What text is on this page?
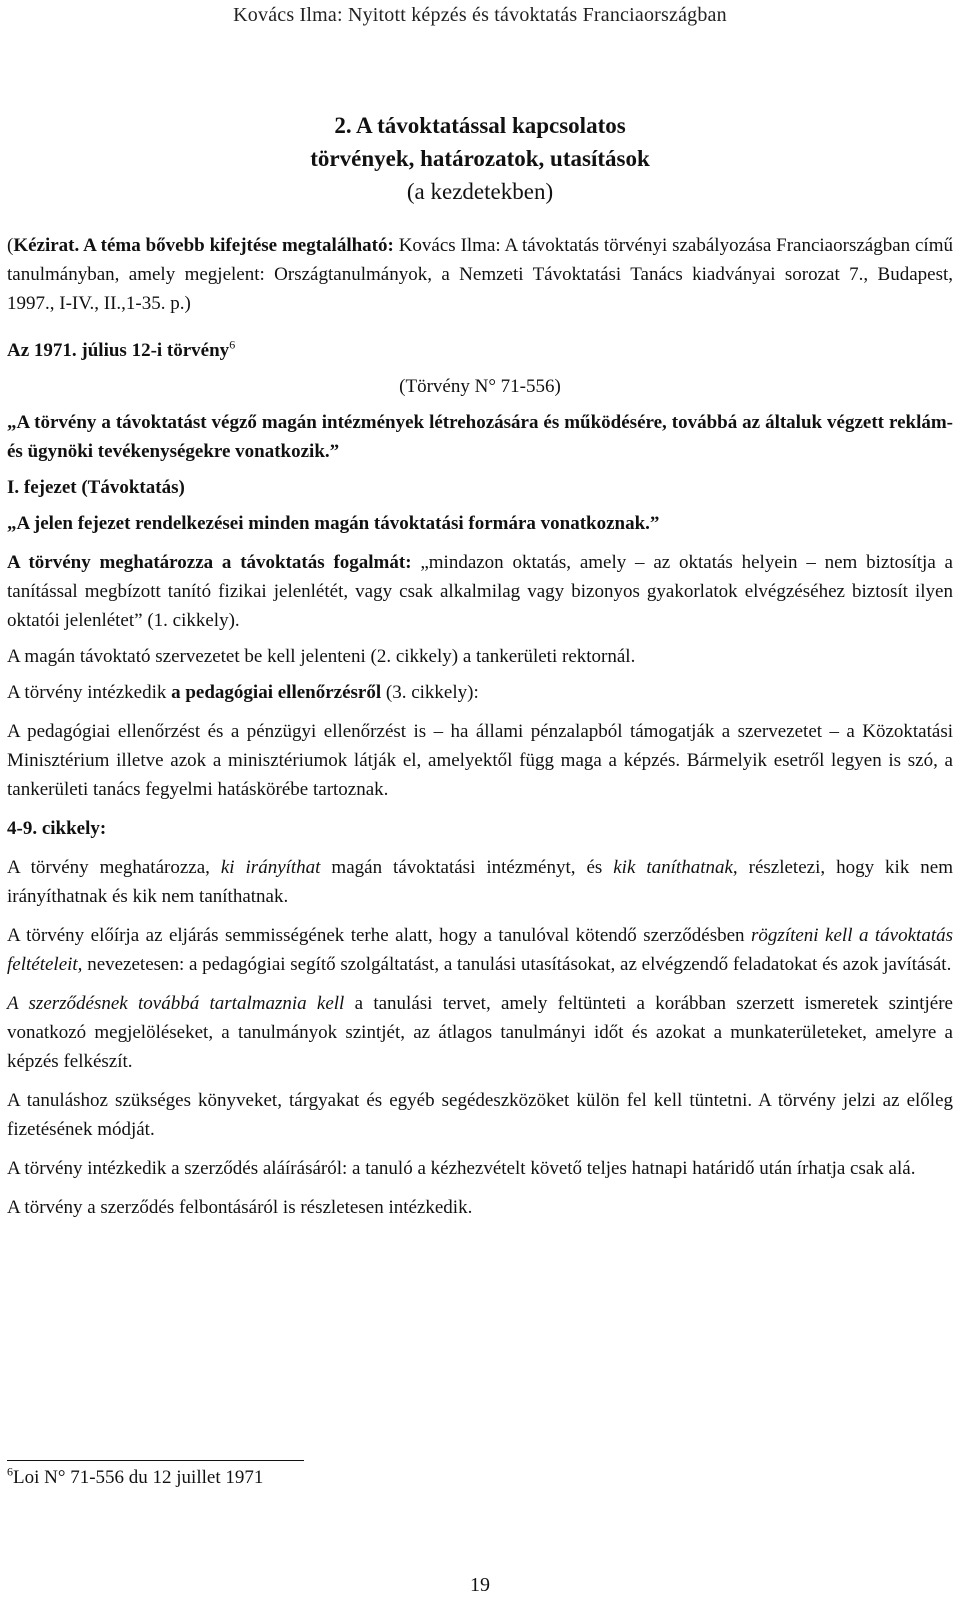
Kovács Ilma: Nyitott képzés és távoktatás Franciaországban
2. A távoktatással kapcsolatos
törvények, határozatok, utasítások
(a kezdetekben)

(Kézirat. A téma bővebb kifejtése megtalálható: Kovács Ilma: A távoktatás törvényi szabályozása Franciaországban című tanulmányban, amely megjelent: Országtanulmányok, a Nemzeti Távoktatási Tanács kiadványai sorozat 7., Budapest, 1997., I-IV., II.,1-35. p.)

Az 1971. július 12-i törvény$^6$

(Törvény N° 71-556)

„A törvény a távoktatást végző magán intézmények létrehozására és működésére, továbbá az általuk végzett reklám- és ügynöki tevékenységekre vonatkozik.”

I. fejezet (Távoktatás)

„A jelen fejezet rendelkezései minden magán távoktatási formára vonatkoznak.”

A törvény meghatározza a távoktatás fogalmát: „mindazon oktatás, amely – az oktatás helyein – nem biztosítja a tanítással megbízott tanító fizikai jelenlétét, vagy csak alkalmilag vagy bizonyos gyakorlatok elvégzéséhez biztosít ilyen oktatói jelenlétet” (1. cikkely).

A magán távoktató szervezetet be kell jelenteni (2. cikkely) a tankerületi rektornál.

A törvény intézkedik a pedagógiai ellenőrzésről (3. cikkely):

A pedagógiai ellenőrzést és a pénzügyi ellenőrzést is – ha állami pénzalapból támogatják a szervezetet – a Közoktatási Minisztérium illetve azok a minisztériumok látják el, amelyektől függ maga a képzés. Bármelyik esetről legyen is szó, a tankerületi tanács fegyelmi hatáskörébe tartoznak.

4-9. cikkely:

A törvény meghatározza, ki irányíthat magán távoktatási intézményt, és kik taníthatnak, részletezi, hogy kik nem irányíthatnak és kik nem taníthatnak.

A törvény előírja az eljárás semmisségének terhe alatt, hogy a tanulóval kötendő szerződésben rögzíteni kell a távoktatás feltételeit, nevezetesen: a pedagógiai segítő szolgáltatást, a tanulási utasításokat, az elvégzendő feladatokat és azok javítását.

A szerződésnek továbbá tartalmaznia kell a tanulási tervet, amely feltünteti a korábban szerzett ismeretek szintjére vonatkozó megjelöléseket, a tanulmányok szintjét, az átlagos tanulmányi időt és azokat a munkaterületeket, amelyre a képzés felkészít.

A tanuláshoz szükséges könyveket, tárgyakat és egyéb segédeszközöket külön fel kell tüntetni. A törvény jelzi az előleg fizetésének módját.

A törvény intézkedik a szerződés aláírásáról: a tanuló a kézhezvételt követő teljes hatnapi határidő után írhatja csak alá.

A törvény a szerződés felbontásáról is részletesen intézkedik.

$^6$Loi N° 71-556 du 12 juillet 1971
19
